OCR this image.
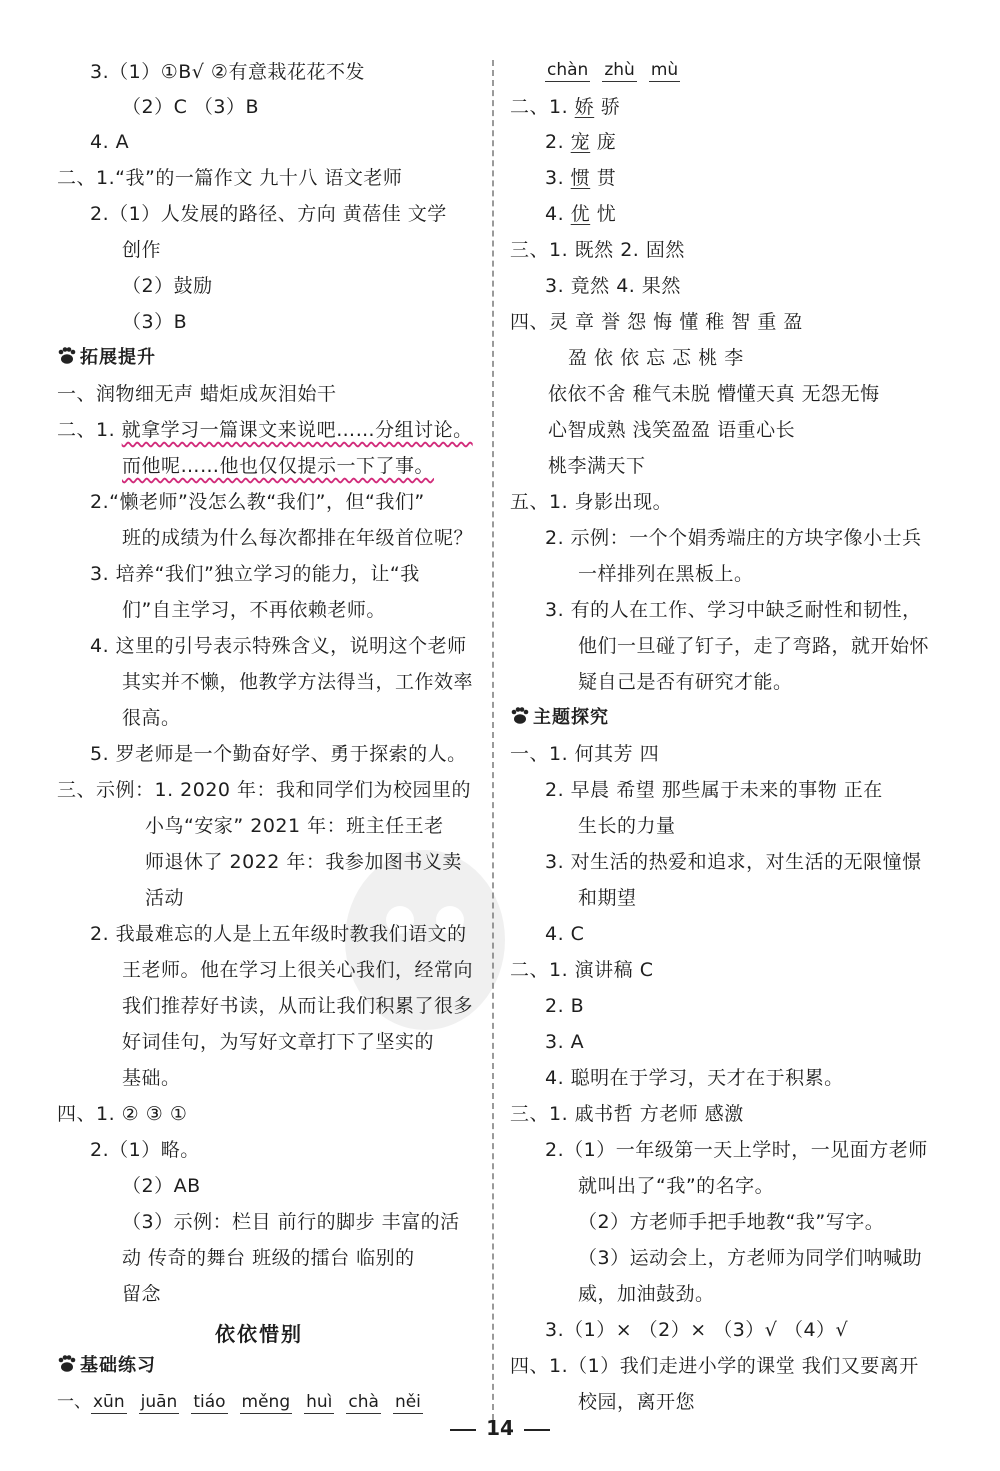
14
3.（1）①B√ ②有意栽花花不发
（2）C （3）B
4. A
二、1.“我”的一篇作文 九十八 语文老师
2.（1）人发展的路径、方向 黄蓓佳 文学
创作
（2）鼓励
（3）B
一、润物细无声 蜡炬成灰泪始干
2.“懒老师”没怎么教“我们”，但“我们”
班的成绩为什么每次都排在年级首位呢？
3. 培养“我们”独立学习的能力，让“我
们”自主学习，不再依赖老师。
4. 这里的引号表示特殊含义，说明这个老师
其实并不懒，他教学方法得当，工作效率
很高。
5. 罗老师是一个勤奋好学、勇于探索的人。
三、示例：1. 2020 年：我和同学们为校园里的
小鸟“安家” 2021 年：班主任王老
师退休了 2022 年：我参加图书义卖
活动
2. 我最难忘的人是上五年级时教我们语文的
王老师。他在学习上很关心我们，经常向
我们推荐好书读，从而让我们积累了很多
好词佳句，为写好文章打下了坚实的
基础。
四、1. ② ③ ①
2.（1）略。
（2）AB
（3）示例：栏目 前行的脚步 丰富的活
动 传奇的舞台 班级的擂台 临别的
留念
二、1. 就拿学习一篇课文来说吧……分组讨论。
而他呢……他也仅仅提示一下了事。
拓展提升
基础练习
依依惜别
一、 xūn juān tiáo měng huì chà něi
chàn zhù mù
二、1. 娇 骄
2. 宠 庞
3. 惯 贯
4. 优 忧
三、1. 既然 2. 固然
3. 竟然 4. 果然
四、灵 章 誉 怨 悔 懂 稚 智 重 盈
盈 依 依 忘 忑 桃 李
依依不舍 稚气未脱 懵懂天真 无怨无悔
心智成熟 浅笑盈盈 语重心长
桃李满天下
五、1. 身影出现。
2. 示例：一个个娟秀端庄的方块字像小士兵
一样排列在黑板上。
3. 有的人在工作、学习中缺乏耐性和韧性，
他们一旦碰了钉子，走了弯路，就开始怀
疑自己是否有研究才能。
一、1. 何其芳 四
2. 早晨 希望 那些属于未来的事物 正在
生长的力量
3. 对生活的热爱和追求，对生活的无限憧憬
和期望
4. C
二、1. 演讲稿 C
2. B
3. A
4. 聪明在于学习，天才在于积累。
三、1. 戚书哲 方老师 感激
2.（1）一年级第一天上学时，一见面方老师
就叫出了“我”的名字。
（2）方老师手把手地教“我”写字。
（3）运动会上，方老师为同学们呐喊助
威，加油鼓劲。
3.（1）× （2）× （3）√ （4）√
四、1.（1）我们走进小学的课堂 我们又要离开
校园，离开您
主题探究
